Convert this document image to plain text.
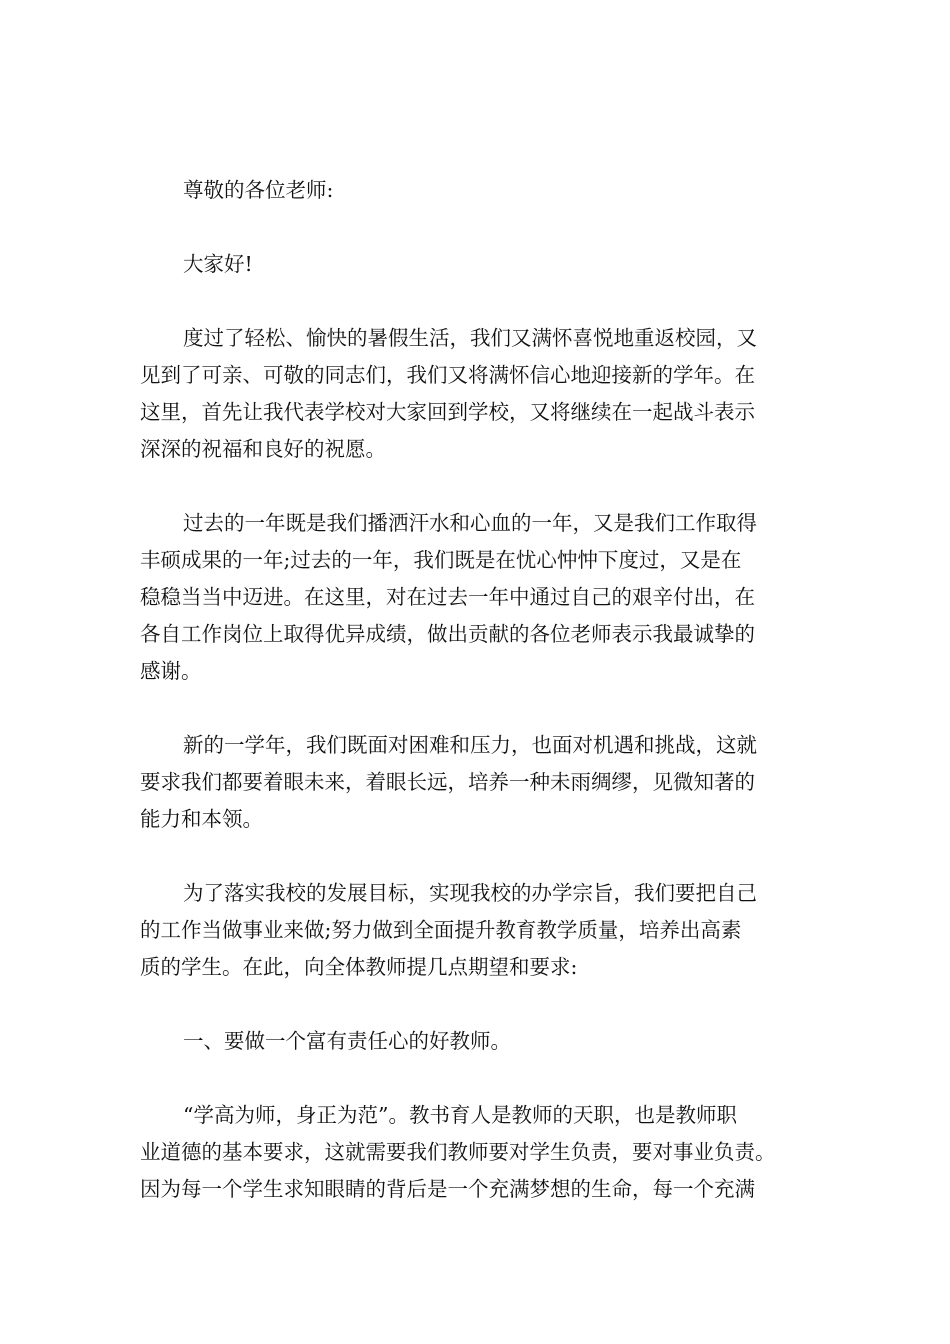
尊敬的各位老师:

大家好!

度过了轻松、愉快的暑假生活，我们又满怀喜悦地重返校园，又
见到了可亲、可敬的同志们，我们又将满怀信心地迎接新的学年。在
这里，首先让我代表学校对大家回到学校，又将继续在一起战斗表示
深深的祝福和良好的祝愿。

过去的一年既是我们播洒汗水和心血的一年，又是我们工作取得
丰硕成果的一年;过去的一年，我们既是在忧心忡忡下度过，又是在
稳稳当当中迈进。在这里，对在过去一年中通过自己的艰辛付出，在
各自工作岗位上取得优异成绩，做出贡献的各位老师表示我最诚挚的
感谢。

新的一学年，我们既面对困难和压力，也面对机遇和挑战，这就
要求我们都要着眼未来，着眼长远，培养一种未雨绸缪，见微知著的
能力和本领。

为了落实我校的发展目标，实现我校的办学宗旨，我们要把自己
的工作当做事业来做;努力做到全面提升教育教学质量，培养出高素
质的学生。在此，向全体教师提几点期望和要求:

一、要做一个富有责任心的好教师。

“学高为师，身正为范”。教书育人是教师的天职，也是教师职
业道德的基本要求，这就需要我们教师要对学生负责，要对事业负责。
因为每一个学生求知眼睛的背后是一个充满梦想的生命，每一个充满
